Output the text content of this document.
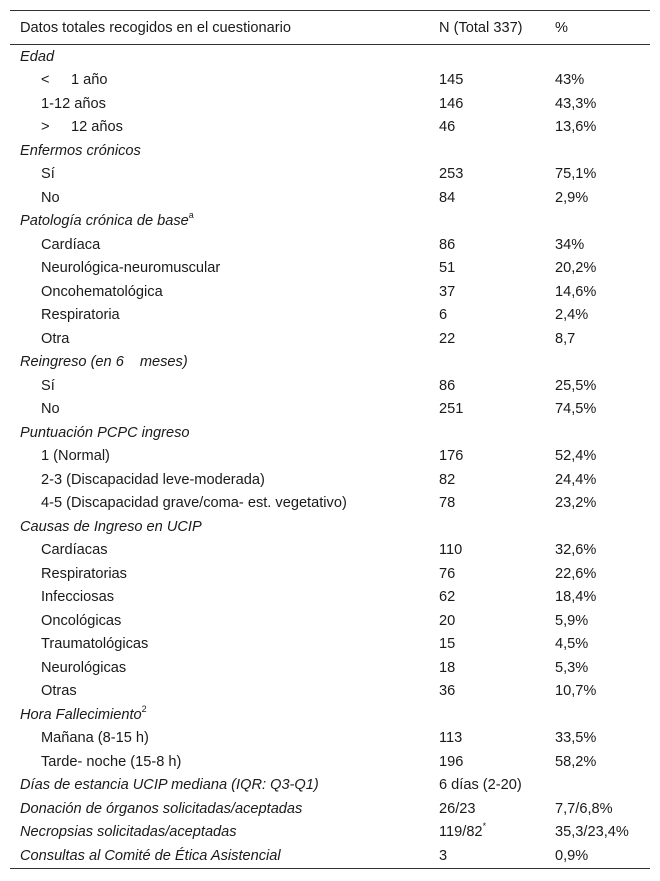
Datos totales recogidos en el cuestionario	N (Total 337)	%
Edad		
< 1 año	145	43%
1-12 años	146	43,3%
> 12 años	46	13,6%
Enfermos crónicos		
Sí	253	75,1%
No	84	2,9%
Patología crónica de base$^a$		
Cardíaca	86	34%
Neurológica-neuromuscular	51	20,2%
Oncohematológica	37	14,6%
Respiratoria	6	2,4%
Otra	22	8,7
Reingreso (en 6 meses)		
Sí	86	25,5%
No	251	74,5%
Puntuación PCPC ingreso		
1 (Normal)	176	52,4%
2-3 (Discapacidad leve-moderada)	82	24,4%
4-5 (Discapacidad grave/coma- est. vegetativo)	78	23,2%
Causas de Ingreso en UCIP		
Cardíacas	110	32,6%
Respiratorias	76	22,6%
Infecciosas	62	18,4%
Oncológicas	20	5,9%
Traumatológicas	15	4,5%
Neurológicas	18	5,3%
Otras	36	10,7%
Hora Fallecimiento$^2$		
Mañana (8-15 h)	113	33,5%
Tarde- noche (15-8 h)	196	58,2%
Días de estancia UCIP mediana (IQR: Q3-Q1)	6 días (2-20)	
Donación de órganos solicitadas/aceptadas	26/23	7,7/6,8%
Necropsias solicitadas/aceptadas	119/82*	35,3/23,4%
Consultas al Comité de Ética Asistencial	3	0,9%
